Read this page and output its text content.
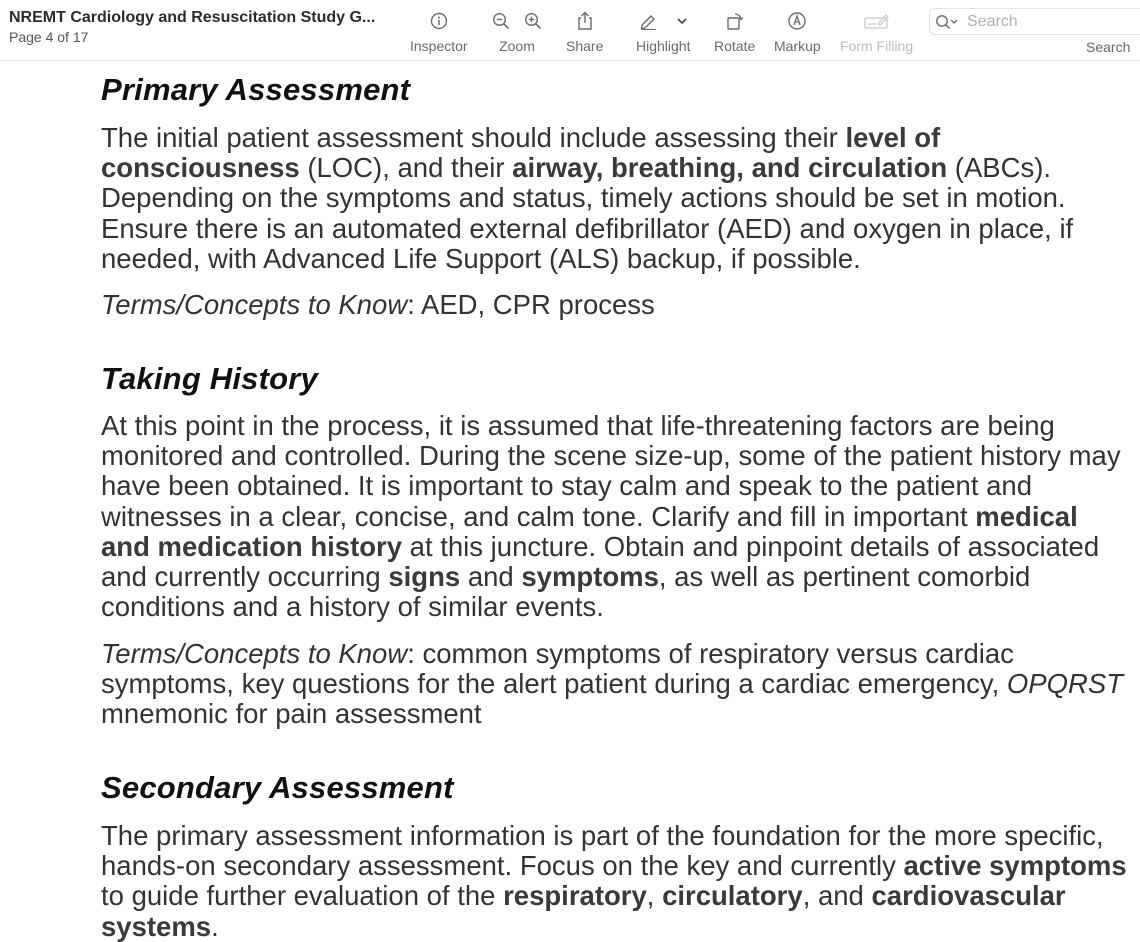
NREMT Cardiology and Resuscitation Study G...
Page 4 of 17
Inspector Zoom Share Highlight Rotate Markup Form Filling
Search
Search
Primary Assessment

The initial patient assessment should include assessing their level of consciousness (LOC), and their airway, breathing, and circulation (ABCs). Depending on the symptoms and status, timely actions should be set in motion. Ensure there is an automated external defibrillator (AED) and oxygen in place, if needed, with Advanced Life Support (ALS) backup, if possible.

Terms/Concepts to Know: AED, CPR process

Taking History

At this point in the process, it is assumed that life-threatening factors are being monitored and controlled. During the scene size-up, some of the patient history may have been obtained. It is important to stay calm and speak to the patient and witnesses in a clear, concise, and calm tone. Clarify and fill in important medical and medication history at this juncture. Obtain and pinpoint details of associated and currently occurring signs and symptoms, as well as pertinent comorbid conditions and a history of similar events.

Terms/Concepts to Know: common symptoms of respiratory versus cardiac symptoms, key questions for the alert patient during a cardiac emergency, OPQRST mnemonic for pain assessment

Secondary Assessment

The primary assessment information is part of the foundation for the more specific, hands-on secondary assessment. Focus on the key and currently active symptoms to guide further evaluation of the respiratory, circulatory, and cardiovascular systems.
